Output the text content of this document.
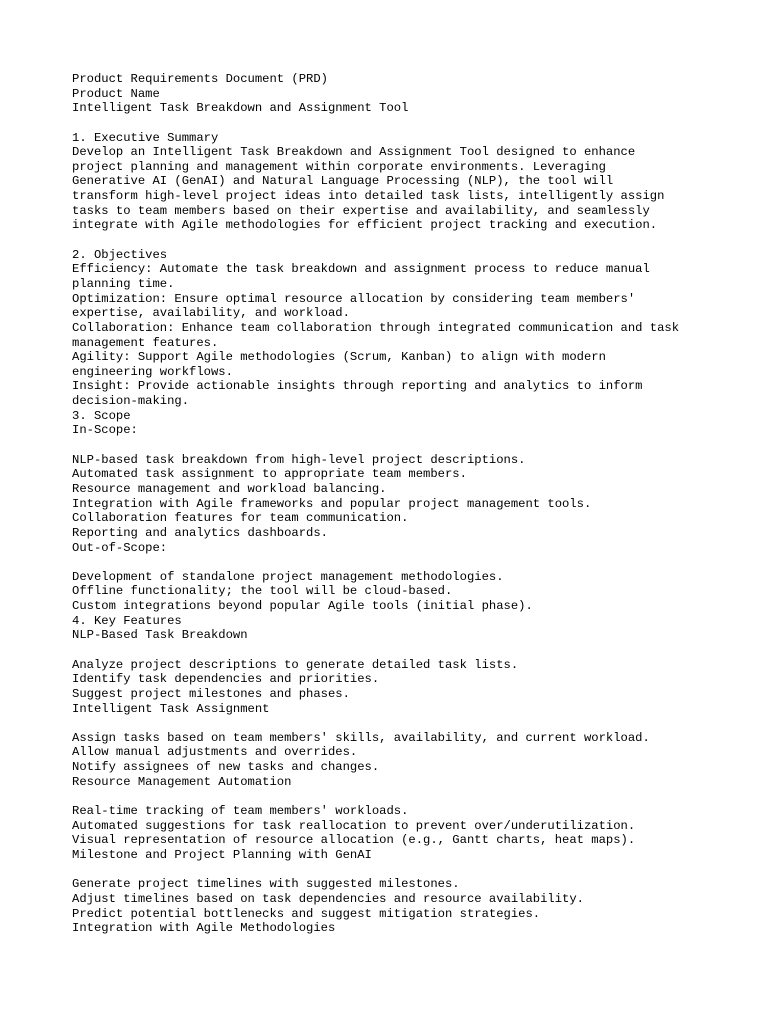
Product Requirements Document (PRD)
Product Name
Intelligent Task Breakdown and Assignment Tool
1. Executive Summary
Develop an Intelligent Task Breakdown and Assignment Tool designed to enhance
project planning and management within corporate environments. Leveraging
Generative AI (GenAI) and Natural Language Processing (NLP), the tool will
transform high-level project ideas into detailed task lists, intelligently assign
tasks to team members based on their expertise and availability, and seamlessly
integrate with Agile methodologies for efficient project tracking and execution.
2. Objectives
Efficiency: Automate the task breakdown and assignment process to reduce manual
planning time.
Optimization: Ensure optimal resource allocation by considering team members'
expertise, availability, and workload.
Collaboration: Enhance team collaboration through integrated communication and task
management features.
Agility: Support Agile methodologies (Scrum, Kanban) to align with modern
engineering workflows.
Insight: Provide actionable insights through reporting and analytics to inform
decision-making.
3. Scope
In-Scope:
NLP-based task breakdown from high-level project descriptions.
Automated task assignment to appropriate team members.
Resource management and workload balancing.
Integration with Agile frameworks and popular project management tools.
Collaboration features for team communication.
Reporting and analytics dashboards.
Out-of-Scope:
Development of standalone project management methodologies.
Offline functionality; the tool will be cloud-based.
Custom integrations beyond popular Agile tools (initial phase).
4. Key Features
NLP-Based Task Breakdown
Analyze project descriptions to generate detailed task lists.
Identify task dependencies and priorities.
Suggest project milestones and phases.
Intelligent Task Assignment
Assign tasks based on team members' skills, availability, and current workload.
Allow manual adjustments and overrides.
Notify assignees of new tasks and changes.
Resource Management Automation
Real-time tracking of team members' workloads.
Automated suggestions for task reallocation to prevent over/underutilization.
Visual representation of resource allocation (e.g., Gantt charts, heat maps).
Milestone and Project Planning with GenAI
Generate project timelines with suggested milestones.
Adjust timelines based on task dependencies and resource availability.
Predict potential bottlenecks and suggest mitigation strategies.
Integration with Agile Methodologies
